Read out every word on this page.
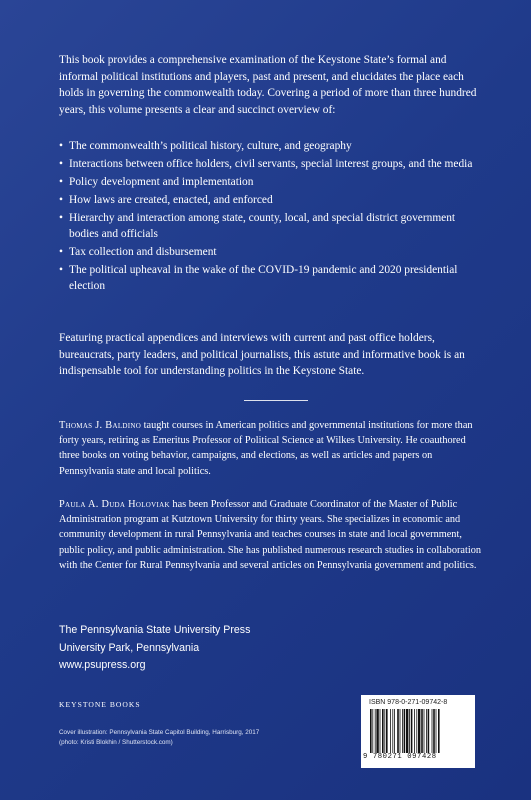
This book provides a comprehensive examination of the Keystone State’s formal and informal political institutions and players, past and present, and elucidates the place each holds in governing the commonwealth today. Covering a period of more than three hundred years, this volume presents a clear and succinct overview of:

• The commonwealth’s political history, culture, and geography
• Interactions between office holders, civil servants, special interest groups, and the media
• Policy development and implementation
• How laws are created, enacted, and enforced
• Hierarchy and interaction among state, county, local, and special district government bodies and officials
• Tax collection and disbursement
• The political upheaval in the wake of the COVID-19 pandemic and 2020 presidential election

Featuring practical appendices and interviews with current and past office holders, bureaucrats, party leaders, and political journalists, this astute and informative book is an indispensable tool for understanding politics in the Keystone State.

Thomas J. Baldino taught courses in American politics and governmental institutions for more than forty years, retiring as Emeritus Professor of Political Science at Wilkes University. He coauthored three books on voting behavior, campaigns, and elections, as well as articles and papers on Pennsylvania state and local politics.

Paula A. Duda Holoviak has been Professor and Graduate Coordinator of the Master of Public Administration program at Kutztown University for thirty years. She specializes in economic and community development in rural Pennsylvania and teaches courses in state and local government, public policy, and public administration. She has published numerous research studies in collaboration with the Center for Rural Pennsylvania and several articles on Pennsylvania government and politics.

The Pennsylvania State University Press
University Park, Pennsylvania
www.psupress.org
KEYSTONE BOOKS
Cover illustration: Pennsylvania State Capitol Building, Harrisburg, 2017
(photo: Kristi Blokhin / Shutterstock.com)
ISBN 978-0-271-09742-8
9 780271 097428
